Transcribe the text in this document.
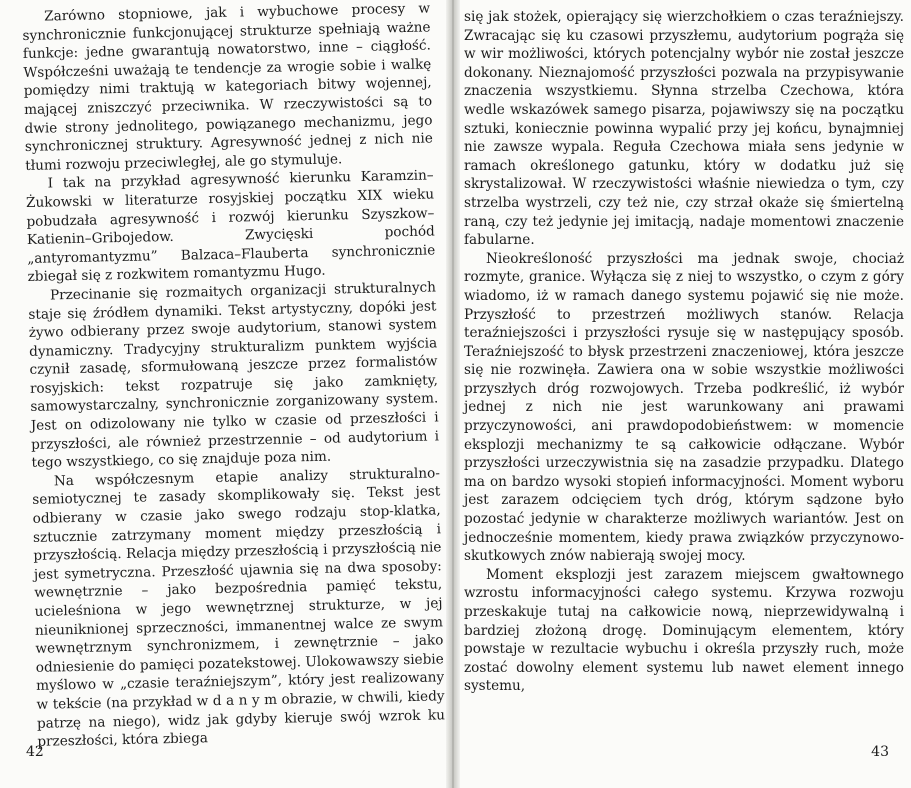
Zarówno stopniowe, jak i wybuchowe procesy w synchronicznie funkcjonującej strukturze spełniają ważne funkcje: jedne gwarantują nowatorstwo, inne – ciągłość. Współcześni uważają te tendencje za wrogie sobie i walkę pomiędzy nimi traktują w kategoriach bitwy wojennej, mającej zniszczyć przeciwnika. W rzeczywistości są to dwie strony jednolitego, powiązanego mechanizmu, jego synchronicznej struktury. Agresywność jednej z nich nie tłumi rozwoju przeciwległej, ale go stymuluje.

I tak na przykład agresywność kierunku Karamzin–Żukowski w literaturze rosyjskiej początku XIX wieku pobudzała agresywność i rozwój kierunku Szyszkow–Katienin–Gribojedow. Zwycięski pochód „antyromantyzmu” Balzaca–Flauberta synchronicznie zbiegał się z rozkwitem romantyzmu Hugo.

Przecinanie się rozmaitych organizacji strukturalnych staje się źródłem dynamiki. Tekst artystyczny, dopóki jest żywo odbierany przez swoje audytorium, stanowi system dynamiczny. Tradycyjny strukturalizm punktem wyjścia czynił zasadę, sformułowaną jeszcze przez formalistów rosyjskich: tekst rozpatruje się jako zamknięty, samowystarczalny, synchronicznie zorganizowany system. Jest on odizolowany nie tylko w czasie od przeszłości i przyszłości, ale również przestrzennie – od audytorium i tego wszystkiego, co się znajduje poza nim.

Na współczesnym etapie analizy strukturalno-semiotycznej te zasady skomplikowały się. Tekst jest odbierany w czasie jako swego rodzaju stop-klatka, sztucznie zatrzymany moment między przeszłością i przyszłością. Relacja między przeszłością i przyszłością nie jest symetryczna. Przeszłość ujawnia się na dwa sposoby: wewnętrznie – jako bezpośrednia pamięć tekstu, ucieleśniona w jego wewnętrznej strukturze, w jej nieuniknionej sprzeczności, immanentnej walce ze swym wewnętrznym synchronizmem, i zewnętrznie – jako odniesienie do pamięci pozatekstowej. Ulokowawszy siebie myślowo w „czasie teraźniejszym”, który jest realizowany w tekście (na przykład w d a n y m obrazie, w chwili, kiedy patrzę na niego), widz jak gdyby kieruje swój wzrok ku przeszłości, która zbiega

42

się jak stożek, opierający się wierzchołkiem o czas teraźniejszy. Zwracając się ku czasowi przyszłemu, audytorium pogrąża się w wir możliwości, których potencjalny wybór nie został jeszcze dokonany. Nieznajomość przyszłości pozwala na przypisywanie znaczenia wszystkiemu. Słynna strzelba Czechowa, która wedle wskazówek samego pisarza, pojawiwszy się na początku sztuki, koniecznie powinna wypalić przy jej końcu, bynajmniej nie zawsze wypala. Reguła Czechowa miała sens jedynie w ramach określonego gatunku, który w dodatku już się skrystalizował. W rzeczywistości właśnie niewiedza o tym, czy strzelba wystrzeli, czy też nie, czy strzał okaże się śmiertelną raną, czy też jedynie jej imitacją, nadaje momentowi znaczenie fabularne.

Nieokreśloność przyszłości ma jednak swoje, chociaż rozmyte, granice. Wyłącza się z niej to wszystko, o czym z góry wiadomo, iż w ramach danego systemu pojawić się nie może. Przyszłość to przestrzeń możliwych stanów. Relacja teraźniejszości i przyszłości rysuje się w następujący sposób. Teraźniejszość to błysk przestrzeni znaczeniowej, która jeszcze się nie rozwinęła. Zawiera ona w sobie wszystkie możliwości przyszłych dróg rozwojowych. Trzeba podkreślić, iż wybór jednej z nich nie jest warunkowany ani prawami przyczynowości, ani prawdopodobieństwem: w momencie eksplozji mechanizmy te są całkowicie odłączane. Wybór przyszłości urzeczywistnia się na zasadzie przypadku. Dlatego ma on bardzo wysoki stopień informacyjności. Moment wyboru jest zarazem odcięciem tych dróg, którym sądzone było pozostać jedynie w charakterze możliwych wariantów. Jest on jednocześnie momentem, kiedy prawa związków przyczynowo-skutkowych znów nabierają swojej mocy.

Moment eksplozji jest zarazem miejscem gwałtownego wzrostu informacyjności całego systemu. Krzywa rozwoju przeskakuje tutaj na całkowicie nową, nieprzewidywalną i bardziej złożoną drogę. Dominującym elementem, który powstaje w rezultacie wybuchu i określa przyszły ruch, może zostać dowolny element systemu lub nawet element innego systemu,

43
